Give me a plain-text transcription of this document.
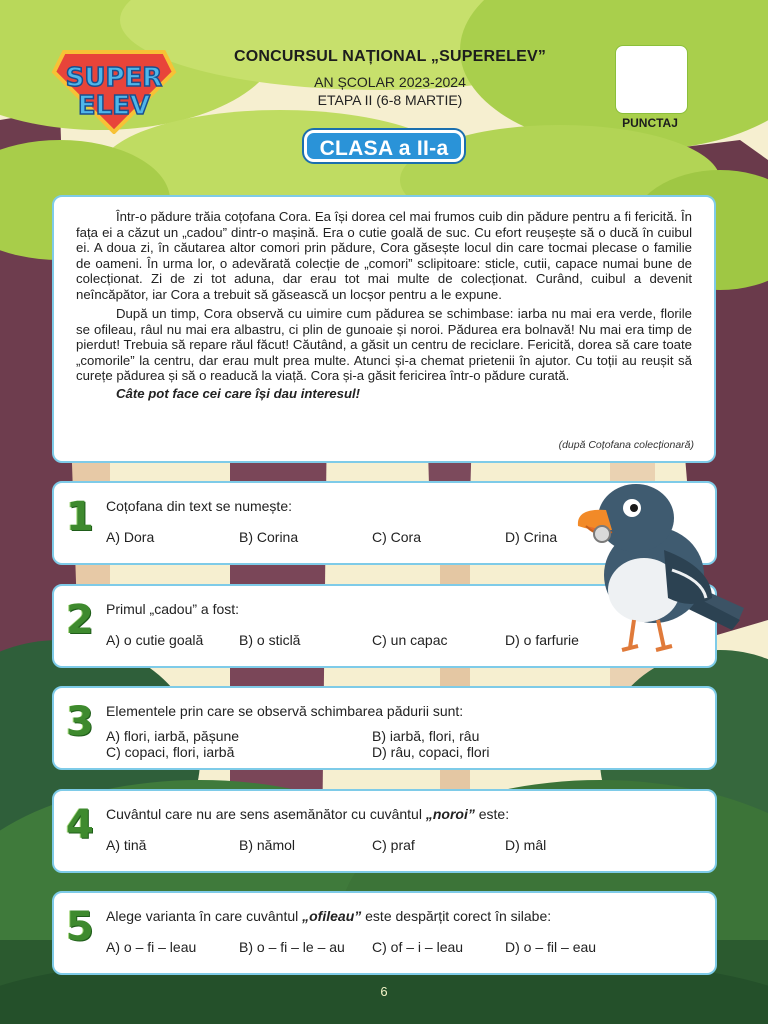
SUPER
ELEV
CONCURSUL NAȚIONAL „SUPERELEV”
AN ȘCOLAR 2023-2024
ETAPA II (6-8 MARTIE)
CLASA a II-a
PUNCTAJ

Într-o pădure trăia coțofana Cora. Ea își dorea cel mai frumos cuib din pădure pentru a fi fericită. În fața ei a căzut un „cadou” dintr-o mașină. Era o cutie goală de suc. Cu efort reușește să o ducă în cuibul ei. A doua zi, în căutarea altor comori prin pădure, Cora găsește locul din care tocmai plecase o familie de oameni. În urma lor, o adevărată colecție de „comori” sclipitoare: sticle, cutii, capace numai bune de colecționat. Zi de zi tot aduna, dar erau tot mai multe de colecționat. Curând, cuibul a devenit neîncăpător, iar Cora a trebuit să găsească un locșor pentru a le expune.

După un timp, Cora observă cu uimire cum pădurea se schimbase: iarba nu mai era verde, florile se ofileau, râul nu mai era albastru, ci plin de gunoaie și noroi. Pădurea era bolnavă! Nu mai era timp de pierdut! Trebuia să repare răul făcut! Căutând, a găsit un centru de reciclare. Fericită, dorea să care toate „comorile” la centru, dar erau mult prea multe. Atunci și-a chemat prietenii în ajutor. Cu toții au reușit să curețe pădurea și să o readucă la viață. Cora și-a găsit fericirea într-o pădure curată.

Câte pot face cei care își dau interesul!
(după Coțofana colecționară)
1 Coțofana din text se numește:
A) Dora	B) Corina	C) Cora	D) Crina
2 Primul „cadou” a fost:
A) o cutie goală	B) o sticlă	C) un capac	D) o farfurie
3 Elementele prin care se observă schimbarea pădurii sunt:
A) flori, iarbă, pășune	B) iarbă, flori, râu
C) copaci, flori, iarbă	D) râu, copaci, flori
4 Cuvântul care nu are sens asemănător cu cuvântul „noroi” este:
A) tină	B) nămol	C) praf	D) mâl
5 Alege varianta în care cuvântul „ofileau” este despărțit corect în silabe:
A) o – fi – leau	B) o – fi – le – au C) of – i – leau	D) o – fil – eau
6
